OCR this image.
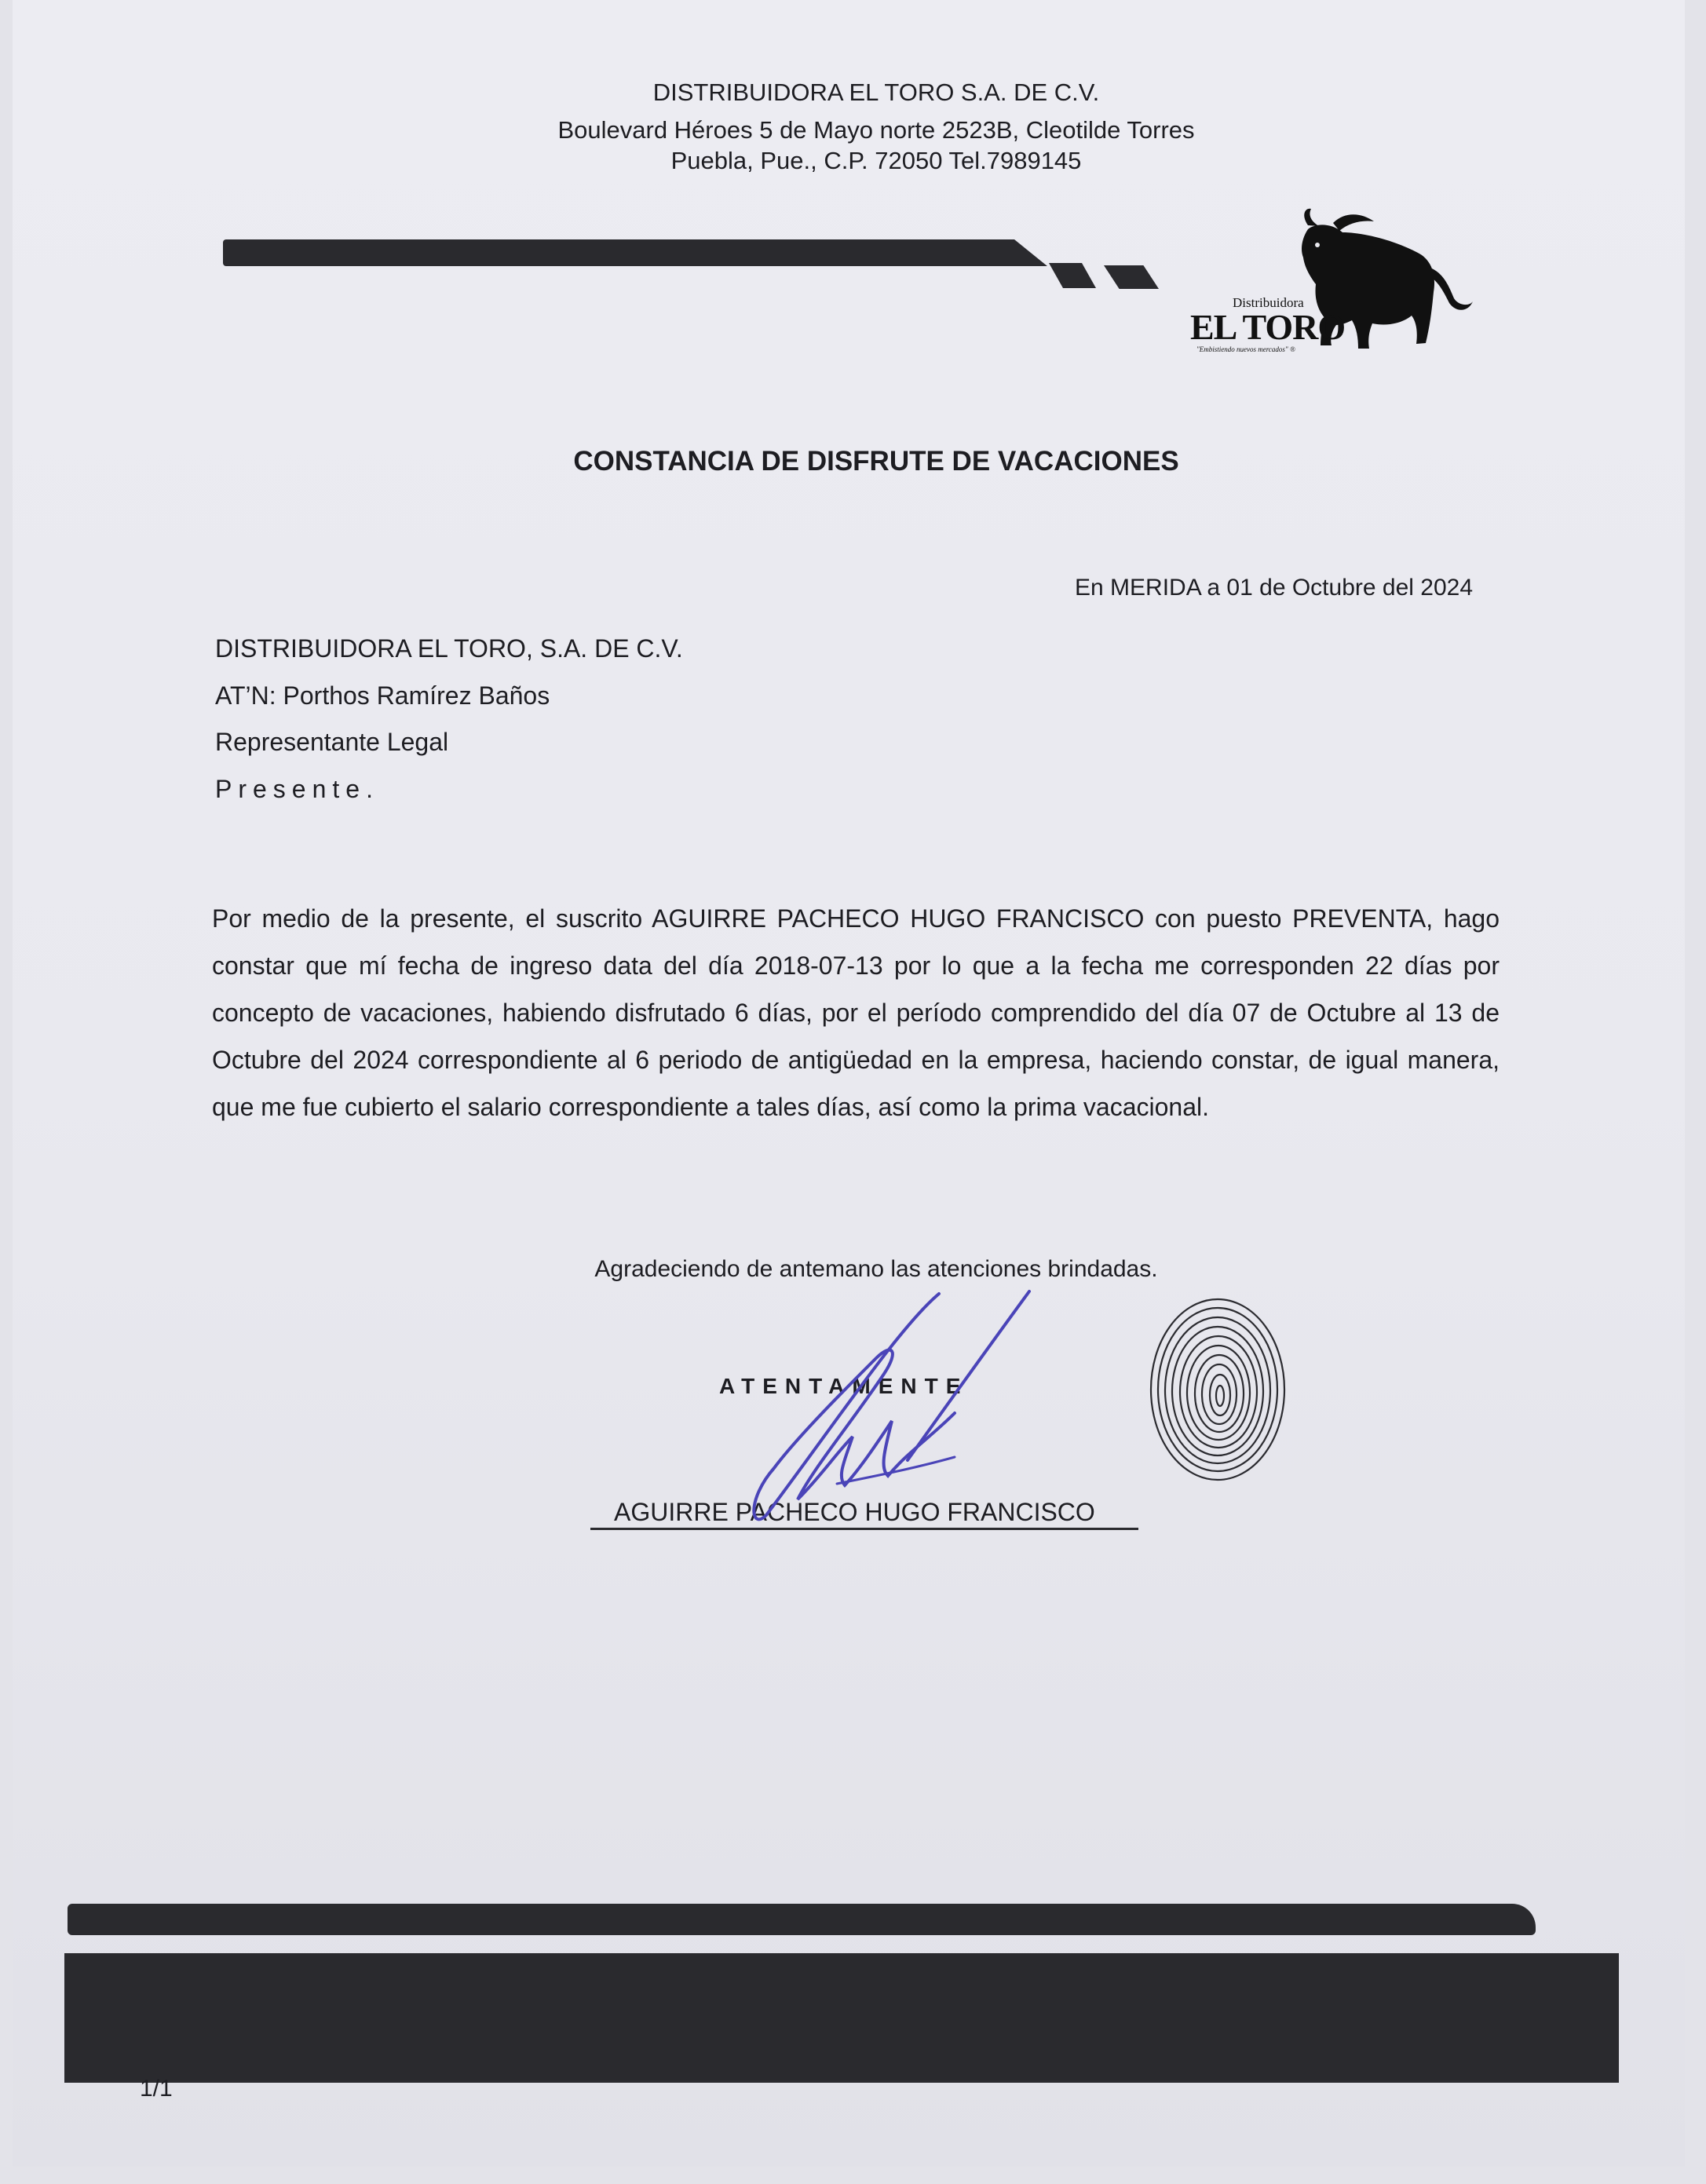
DISTRIBUIDORA EL TORO S.A. DE C.V.
Boulevard Héroes 5 de Mayo norte 2523B, Cleotilde Torres
Puebla, Pue., C.P. 72050 Tel.7989145
Distribuidora
EL TORO
"Embistiendo nuevos mercados" ®
CONSTANCIA DE DISFRUTE DE VACACIONES
En MERIDA a 01 de Octubre del 2024
DISTRIBUIDORA EL TORO, S.A. DE C.V.
AT’N: Porthos Ramírez Baños
Representante Legal
Presente.
Por medio de la presente, el suscrito AGUIRRE PACHECO HUGO FRANCISCO con puesto PREVENTA, hago constar que mí fecha de ingreso data del día 2018-07-13 por lo que a la fecha me corresponden 22 días por concepto de vacaciones, habiendo disfrutado 6 días, por el período comprendido del día 07 de Octubre al 13 de Octubre del 2024 correspondiente al 6 periodo de antigüedad en la empresa, haciendo constar, de igual manera, que me fue cubierto el salario correspondiente a tales días, así como la prima vacacional.
Agradeciendo de antemano las atenciones brindadas.
ATENTAMENTE
AGUIRRE PACHECO HUGO FRANCISCO
1/1
